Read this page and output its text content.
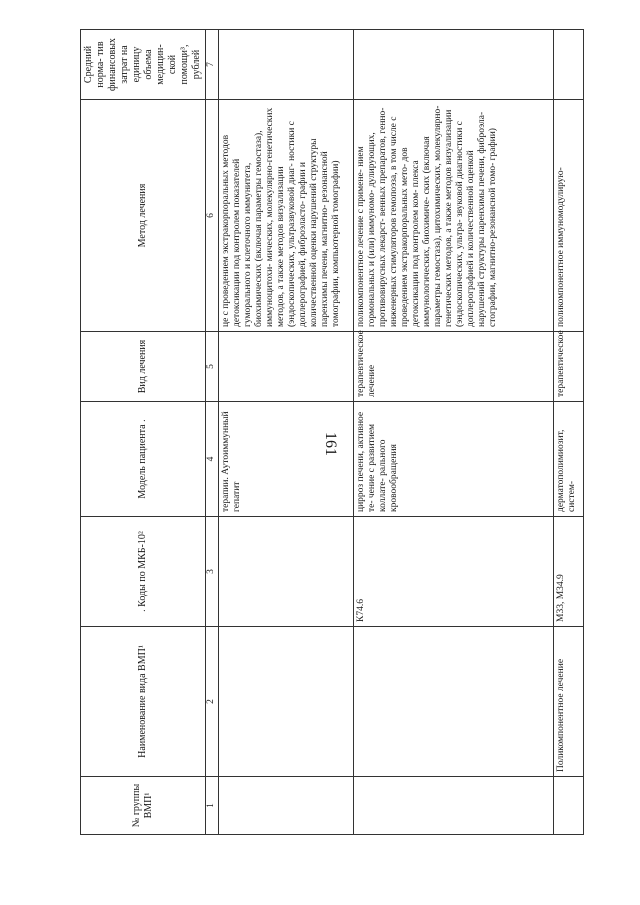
161
№ группы ВМП¹	Наименование вида ВМП¹	. Коды по МКБ-10²	Модель пациента .	Вид лечения	Метод лечения	Средний норма- тив финансовых затрат на единицу объема медицин- ской помощи³, рублей
1	2	3	4	5	6	7
			терапии. Аутоиммунный гепатит		це с проведением экстракорпоральных методов детоксикации под контролем показателей гуморального и клеточного иммунитета, биохимических (включая параметры гемостаза), иммуноцитохи- мических, молекулярно-генетических методов, а также методов визуализации (эндоскопических, ультразвуковой диаг- ностики с доплерографией, фиброэласто- графии и количественной оценки нарушений структуры паренхимы печени, магнитно- резонансной томографии, компьютерной томографии)	
		К74.6	цирроз печени, активное те- чение с развитием коллате- рального кровообращения	терапевтическое лечение	поликомпонентное лечение с примене- нием гормональных и (или) иммуномо- дулирующих, противовирусных лекарст- венных препаратов, генно-инженерных стимуляторов гемопоэза, в том числе с проведением экстракорпоральных мето- дов детоксикации под контролем ком- плекса иммунологических, биохимиче- ских (включая параметры гемостаза), цитохимических, молекулярно- генетических методов, а также методов визуализации (эндоскопических, ультра- звуковой диагностики с доплерографией и количественной оценкой нарушений структуры паренхимы печени, фиброэла- стографии, магнитно-резонансной томо- графии)	
	Поликомпонентное лечение	М33, М34.9	дерматополимиозит, систем-	терапевтическое	поликомпонентное иммуномодулирую-	
